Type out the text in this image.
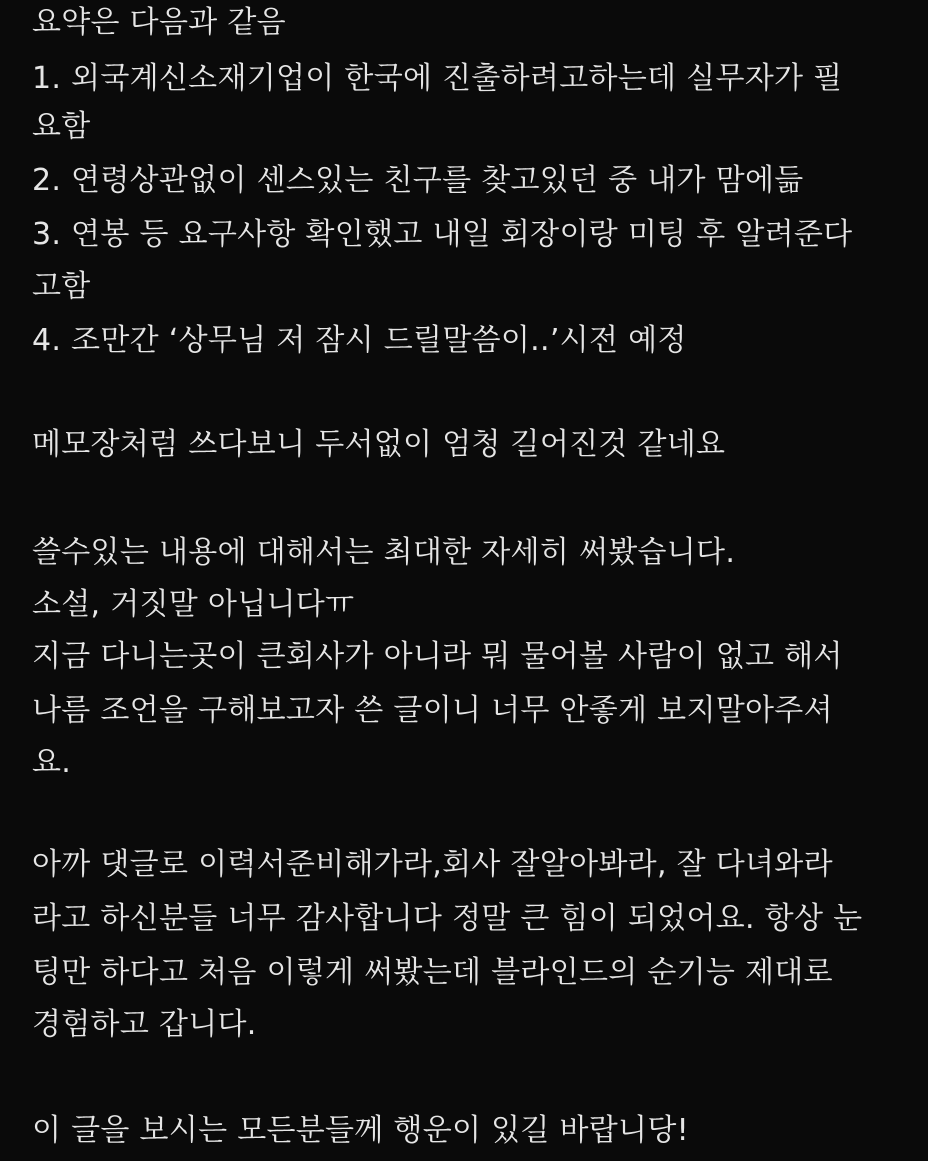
요약은 다음과 같음
1. 외국계신소재기업이 한국에 진출하려고하는데 실무자가 필
요함
2. 연령상관없이 센스있는 친구를 찾고있던 중 내가 맘에듦
3. 연봉 등 요구사항 확인했고 내일 회장이랑 미팅 후 알려준다
고함
4. 조만간 ‘상무님 저 잠시 드릴말씀이..’시전 예정
메모장처럼 쓰다보니 두서없이 엄청 길어진것 같네요
쓸수있는 내용에 대해서는 최대한 자세히 써봤습니다.
소설, 거짓말 아닙니다ㅠ
지금 다니는곳이 큰회사가 아니라 뭐 물어볼 사람이 없고 해서
나름 조언을 구해보고자 쓴 글이니 너무 안좋게 보지말아주셔
요.
아까 댓글로 이력서준비해가라,회사 잘알아봐라, 잘 다녀와라
라고 하신분들 너무 감사합니다 정말 큰 힘이 되었어요. 항상 눈
팅만 하다고 처음 이렇게 써봤는데 블라인드의 순기능 제대로
경험하고 갑니다.
이 글을 보시는 모든분들께 행운이 있길 바랍니당!
